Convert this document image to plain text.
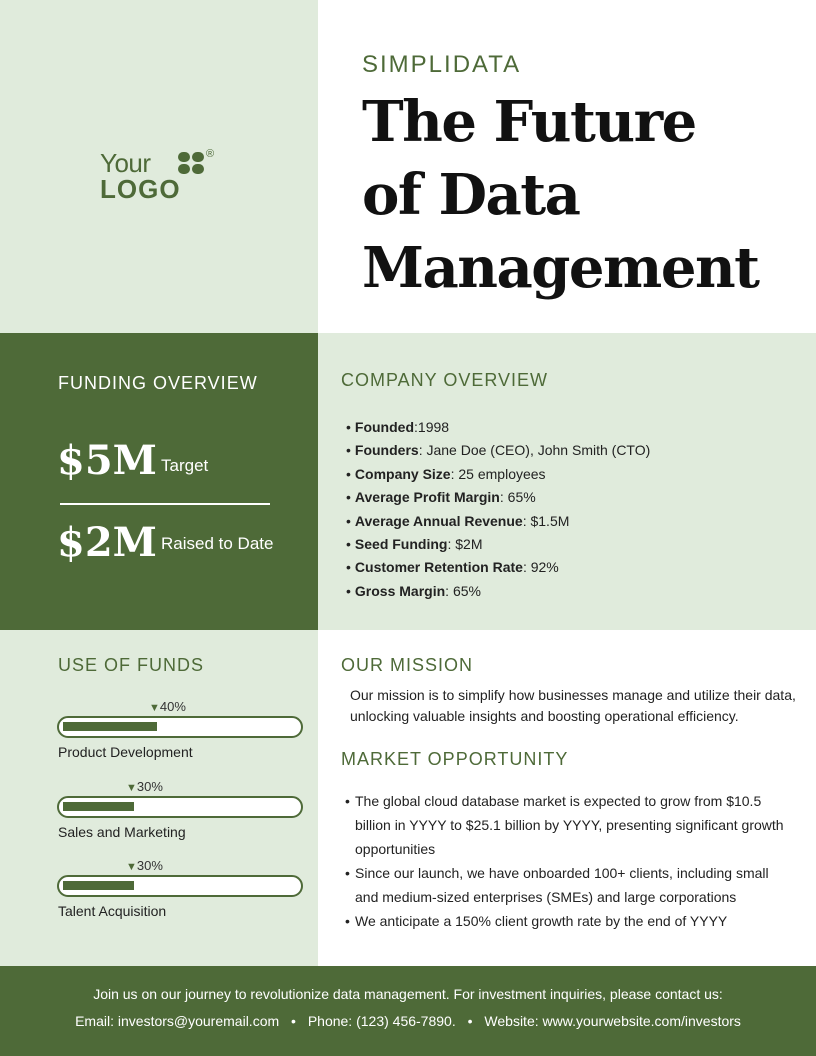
Your
LOGO
®
SIMPLIDATA
The Future
of Data
Management
FUNDING OVERVIEW
$5M Target
$2M Raised to Date
COMPANY OVERVIEW
• Founded:1998
• Founders: Jane Doe (CEO), John Smith (CTO)
• Company Size: 25 employees
• Average Profit Margin: 65%
• Average Annual Revenue: $1.5M
• Seed Funding: $2M
• Customer Retention Rate: 92%
• Gross Margin: 65%
USE OF FUNDS
▼40%
Product Development
▼30%
Sales and Marketing
▼30%
Talent Acquisition
OUR MISSION

Our mission is to simplify how businesses manage and utilize their data, unlocking valuable insights and boosting operational efficiency.

MARKET OPPORTUNITY
• The global cloud database market is expected to grow from $10.5 billion in YYYY to $25.1 billion by YYYY, presenting significant growth opportunities
• Since our launch, we have onboarded 100+ clients, including small and medium-sized enterprises (SMEs) and large corporations
• We anticipate a 150% client growth rate by the end of YYYY
Join us on our journey to revolutionize data management. For investment inquiries, please contact us:
Email: investors@youremail.com • Phone: (123) 456-7890. • Website: www.yourwebsite.com/investors
